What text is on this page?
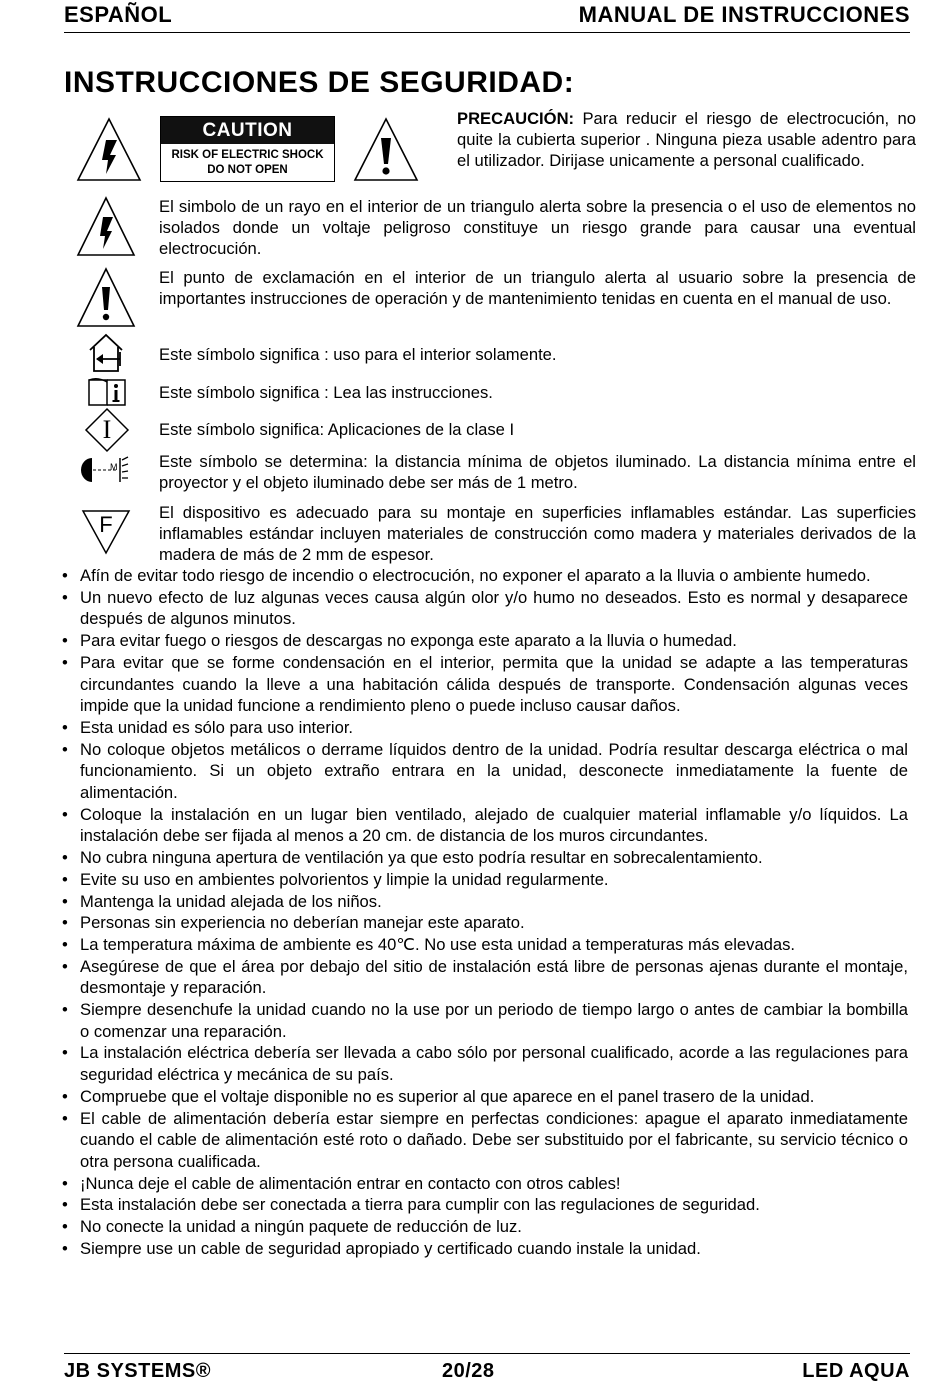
ESPAÑOL	MANUAL DE INSTRUCCIONES
INSTRUCCIONES DE SEGURIDAD:
CAUTION
RISK OF ELECTRIC SHOCK
DO NOT OPEN
PRECAUCIÓN: Para reducir el riesgo de electrocución, no quite la cubierta superior . Ninguna pieza usable adentro para el utilizador. Dirijase unicamente a personal cualificado.
El simbolo de un rayo en el interior de un triangulo alerta sobre la presencia o el uso de elementos no isolados donde un voltaje peligroso constituye un riesgo grande para causar una eventual electrocución.
El punto de exclamación en el interior de un triangulo alerta al usuario sobre la presencia de importantes instrucciones de operación y de mantenimiento tenidas en cuenta en el manual de uso.
Este símbolo significa : uso para el interior solamente.
Este símbolo significa : Lea las instrucciones.
I	Este símbolo significa: Aplicaciones de la clase I
M	Este símbolo se determina: la distancia mínima de objetos iluminado. La distancia mínima entre el proyector y el objeto iluminado debe ser más de 1 metro.
F	El dispositivo es adecuado para su montaje en superficies inflamables estándar. Las superficies inflamables estándar incluyen materiales de construcción como madera y materiales derivados de la madera de más de 2 mm de espesor.
• Afín de evitar todo riesgo de incendio o electrocución, no exponer el aparato a la lluvia o ambiente humedo.
• Un nuevo efecto de luz algunas veces causa algún olor y/o humo no deseados. Esto es normal y desaparece después de algunos minutos.
• Para evitar fuego o riesgos de descargas no exponga este aparato a la lluvia o humedad.
• Para evitar que se forme condensación en el interior, permita que la unidad se adapte a las temperaturas circundantes cuando la lleve a una habitación cálida después de transporte. Condensación algunas veces impide que la unidad funcione a rendimiento pleno o puede incluso causar daños.
• Esta unidad es sólo para uso interior.
• No coloque objetos metálicos o derrame líquidos dentro de la unidad. Podría resultar descarga eléctrica o mal funcionamiento. Si un objeto extraño entrara en la unidad, desconecte inmediatamente la fuente de alimentación.
• Coloque la instalación en un lugar bien ventilado, alejado de cualquier material inflamable y/o líquidos. La instalación debe ser fijada al menos a 20 cm. de distancia de los muros circundantes.
• No cubra ninguna apertura de ventilación ya que esto podría resultar en sobrecalentamiento.
• Evite su uso en ambientes polvorientos y limpie la unidad regularmente.
• Mantenga la unidad alejada de los niños.
• Personas sin experiencia no deberían manejar este aparato.
• La temperatura máxima de ambiente es 40℃. No use esta unidad a temperaturas más elevadas.
• Asegúrese de que el área por debajo del sitio de instalación está libre de personas ajenas durante el montaje, desmontaje y reparación.
• Siempre desenchufe la unidad cuando no la use por un periodo de tiempo largo o antes de cambiar la bombilla o comenzar una reparación.
• La instalación eléctrica debería ser llevada a cabo sólo por personal cualificado, acorde a las regulaciones para seguridad eléctrica y mecánica de su país.
• Compruebe que el voltaje disponible no es superior al que aparece en el panel trasero de la unidad.
• El cable de alimentación debería estar siempre en perfectas condiciones: apague el aparato inmediatamente cuando el cable de alimentación esté roto o dañado. Debe ser substituido por el fabricante, su servicio técnico o otra persona cualificada.
• ¡Nunca deje el cable de alimentación entrar en contacto con otros cables!
• Esta instalación debe ser conectada a tierra para cumplir con las regulaciones de seguridad.
• No conecte la unidad a ningún paquete de reducción de luz.
• Siempre use un cable de seguridad apropiado y certificado cuando instale la unidad.
JB SYSTEMS®	20/28	LED AQUA
